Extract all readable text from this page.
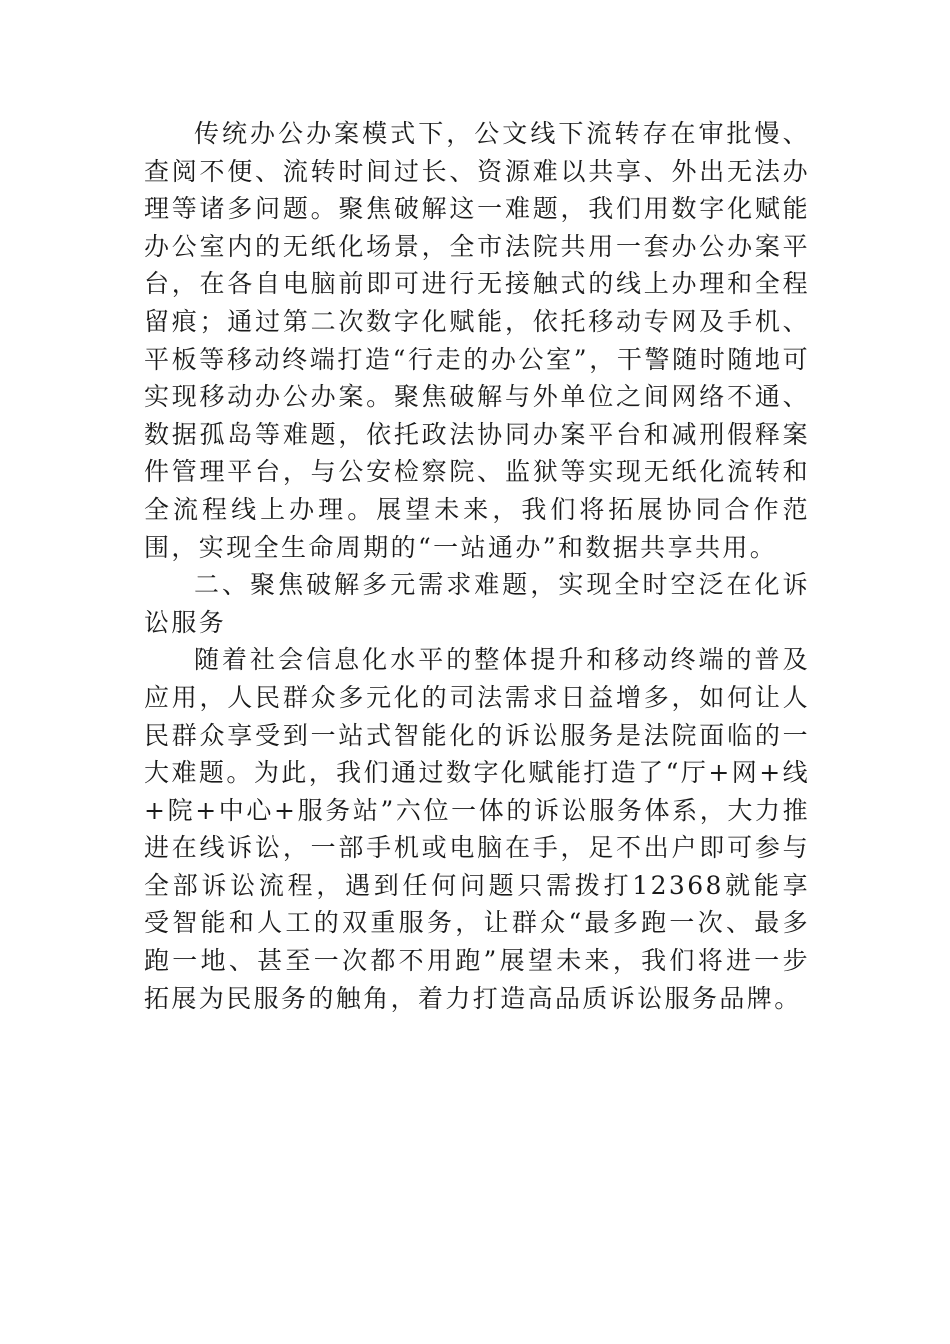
传统办公办案模式下，公文线下流转存在审批慢、查阅不便、流转时间过长、资源难以共享、外出无法办理等诸多问题。聚焦破解这一难题，我们用数字化赋能办公室内的无纸化场景，全市法院共用一套办公办案平台，在各自电脑前即可进行无接触式的线上办理和全程留痕；通过第二次数字化赋能，依托移动专网及手机、平板等移动终端打造“行走的办公室”，干警随时随地可实现移动办公办案。聚焦破解与外单位之间网络不通、数据孤岛等难题，依托政法协同办案平台和减刑假释案件管理平台，与公安检察院、监狱等实现无纸化流转和全流程线上办理。展望未来，我们将拓展协同合作范围，实现全生命周期的“一站通办”和数据共享共用。

二、聚焦破解多元需求难题，实现全时空泛在化诉讼服务

随着社会信息化水平的整体提升和移动终端的普及应用，人民群众多元化的司法需求日益增多，如何让人民群众享受到一站式智能化的诉讼服务是法院面临的一大难题。为此，我们通过数字化赋能打造了“厅+网+线+院+中心+服务站”六位一体的诉讼服务体系，大力推进在线诉讼，一部手机或电脑在手，足不出户即可参与全部诉讼流程，遇到任何问题只需拨打12368就能享受智能和人工的双重服务，让群众“最多跑一次、最多跑一地、甚至一次都不用跑”展望未来，我们将进一步拓展为民服务的触角，着力打造高品质诉讼服务品牌。
